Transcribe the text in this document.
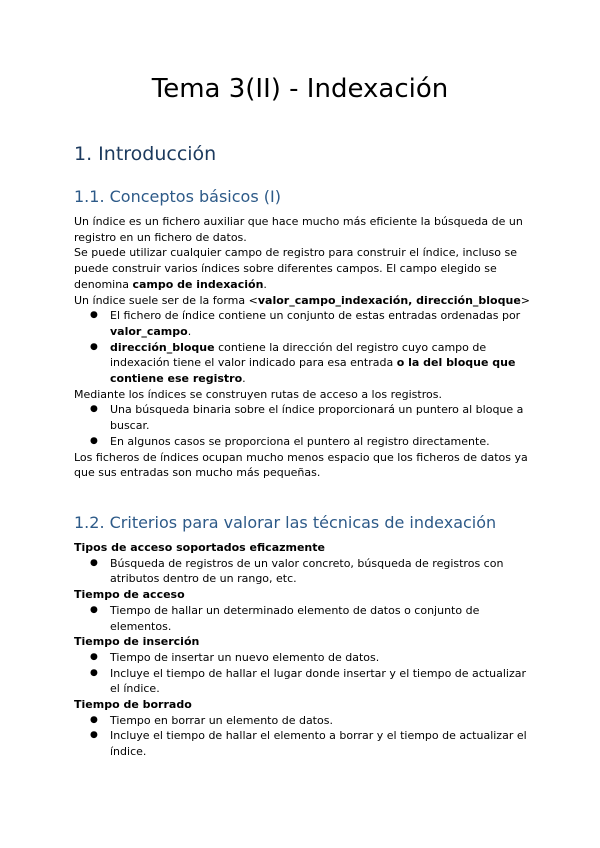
Tema 3(II) - Indexación
1. Introducción
1.1. Conceptos básicos (I)

Un índice es un fichero auxiliar que hace mucho más eficiente la búsqueda de un registro en un fichero de datos.

Se puede utilizar cualquier campo de registro para construir el índice, incluso se puede construir varios índices sobre diferentes campos. El campo elegido se denomina campo de indexación.

Un índice suele ser de la forma <valor_campo_indexación, dirección_bloque>

● El fichero de índice contiene un conjunto de estas entradas ordenadas por valor_campo.
● dirección_bloque contiene la dirección del registro cuyo campo de indexación tiene el valor indicado para esa entrada o la del bloque que contiene ese registro.

Mediante los índices se construyen rutas de acceso a los registros.

● Una búsqueda binaria sobre el índice proporcionará un puntero al bloque a buscar.
● En algunos casos se proporciona el puntero al registro directamente.

Los ficheros de índices ocupan mucho menos espacio que los ficheros de datos ya que sus entradas son mucho más pequeñas.

1.2. Criterios para valorar las técnicas de indexación

Tipos de acceso soportados eficazmente

● Búsqueda de registros de un valor concreto, búsqueda de registros con atributos dentro de un rango, etc.

Tiempo de acceso

● Tiempo de hallar un determinado elemento de datos o conjunto de elementos.

Tiempo de inserción

● Tiempo de insertar un nuevo elemento de datos.
● Incluye el tiempo de hallar el lugar donde insertar y el tiempo de actualizar el índice.

Tiempo de borrado

● Tiempo en borrar un elemento de datos.
● Incluye el tiempo de hallar el elemento a borrar y el tiempo de actualizar el índice.
